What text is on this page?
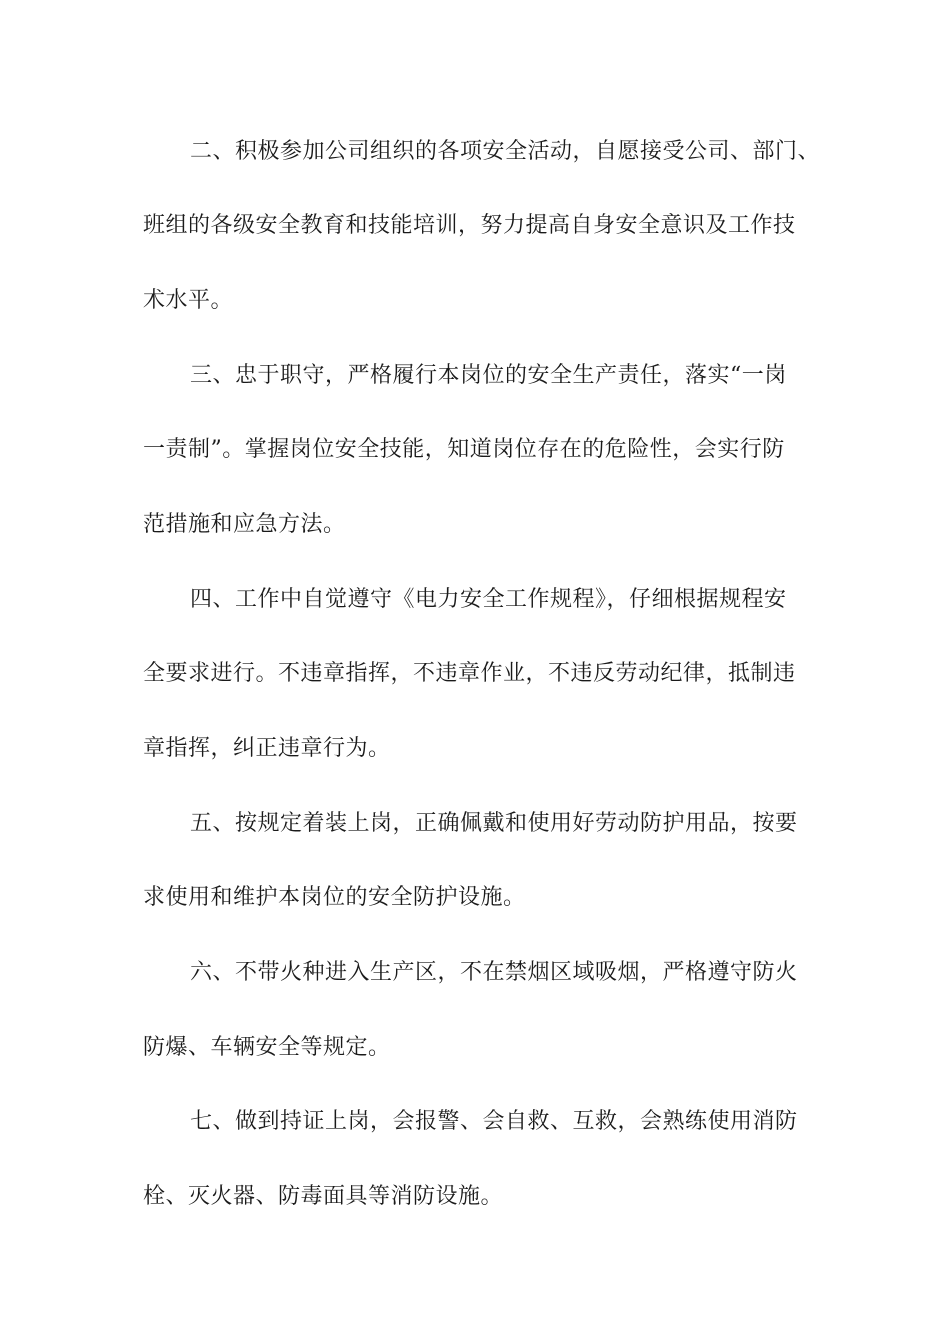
二、积极参加公司组织的各项安全活动，自愿接受公司、部门、
班组的各级安全教育和技能培训，努力提高自身安全意识及工作技
术水平。
三、忠于职守，严格履行本岗位的安全生产责任，落实“一岗
一责制”。掌握岗位安全技能，知道岗位存在的危险性，会实行防
范措施和应急方法。
四、工作中自觉遵守《电力安全工作规程》，仔细根据规程安
全要求进行。不违章指挥，不违章作业，不违反劳动纪律，抵制违
章指挥，纠正违章行为。
五、按规定着装上岗，正确佩戴和使用好劳动防护用品，按要
求使用和维护本岗位的安全防护设施。
六、不带火种进入生产区，不在禁烟区域吸烟，严格遵守防火
防爆、车辆安全等规定。
七、做到持证上岗，会报警、会自救、互救，会熟练使用消防
栓、灭火器、防毒面具等消防设施。
